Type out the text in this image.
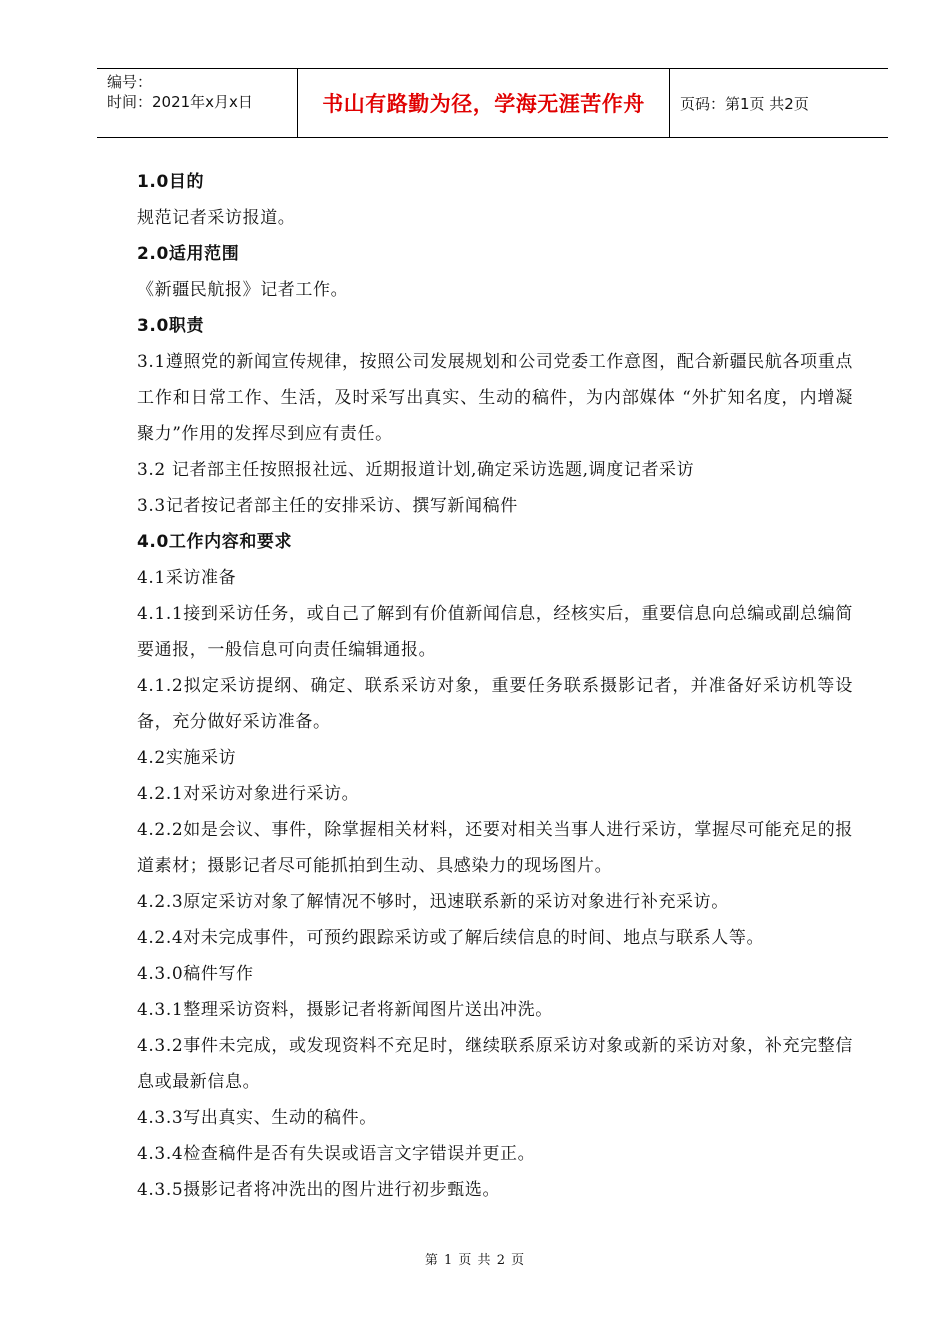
编号：
时间：2021年x月x日	书山有路勤为径，学海无涯苦作舟	页码：第1页 共2页
1.0目的
规范记者采访报道。
2.0适用范围
《新疆民航报》记者工作。
3.0职责
3.1遵照党的新闻宣传规律，按照公司发展规划和公司党委工作意图，配合新疆民航各项重点工作和日常工作、生活，及时采写出真实、生动的稿件，为内部媒体 “外扩知名度，内增凝聚力”作用的发挥尽到应有责任。
3.2 记者部主任按照报社远、近期报道计划,确定采访选题,调度记者采访
3.3记者按记者部主任的安排采访、撰写新闻稿件
4.0工作内容和要求
4.1采访准备
4.1.1接到采访任务，或自己了解到有价值新闻信息，经核实后，重要信息向总编或副总编简要通报，一般信息可向责任编辑通报。
4.1.2拟定采访提纲、确定、联系采访对象，重要任务联系摄影记者，并准备好采访机等设备，充分做好采访准备。
4.2实施采访
4.2.1对采访对象进行采访。
4.2.2如是会议、事件，除掌握相关材料，还要对相关当事人进行采访，掌握尽可能充足的报道素材；摄影记者尽可能抓拍到生动、具感染力的现场图片。
4.2.3原定采访对象了解情况不够时，迅速联系新的采访对象进行补充采访。
4.2.4对未完成事件，可预约跟踪采访或了解后续信息的时间、地点与联系人等。
4.3.0稿件写作
4.3.1整理采访资料，摄影记者将新闻图片送出冲洗。
4.3.2事件未完成，或发现资料不充足时，继续联系原采访对象或新的采访对象，补充完整信息或最新信息。
4.3.3写出真实、生动的稿件。
4.3.4检查稿件是否有失误或语言文字错误并更正。
4.3.5摄影记者将冲洗出的图片进行初步甄选。
第 1 页 共 2 页
